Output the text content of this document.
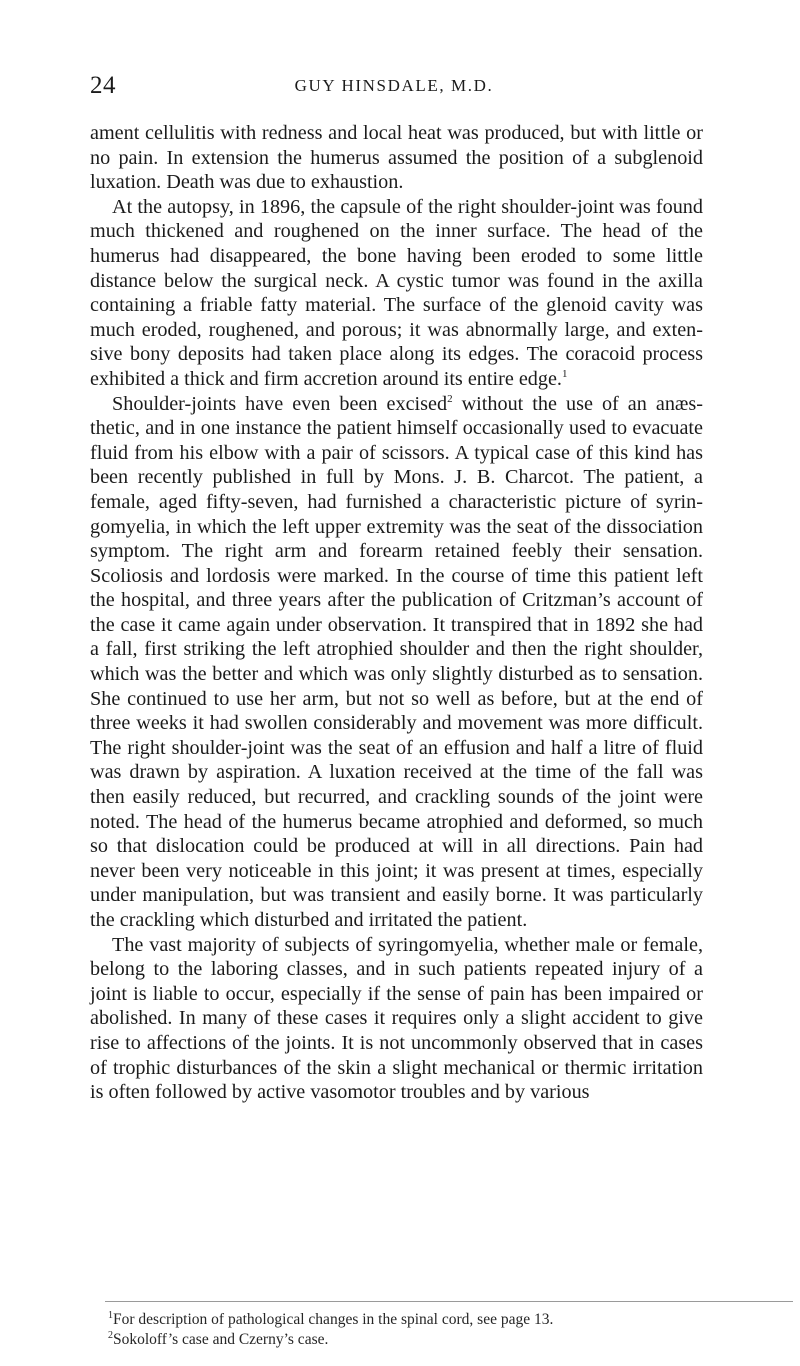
24	GUY HINSDALE, M.D.

ament cellulitis with redness and local heat was produced, but with little or no pain. In extension the humerus assumed the position of a subglenoid luxation. Death was due to exhaustion.

At the autopsy, in 1896, the capsule of the right shoulder-joint was found much thickened and roughened on the inner surface. The head of the humerus had disappeared, the bone having been eroded to some little distance below the surgical neck. A cystic tumor was found in the axilla containing a friable fatty material. The surface of the glenoid cavity was much eroded, roughened, and porous; it was abnormally large, and extensive bony deposits had taken place along its edges. The coracoid process exhibited a thick and firm accretion around its entire edge.$^1$

Shoulder-joints have even been excised$^2$ without the use of an anæsthetic, and in one instance the patient himself occasionally used to evacuate fluid from his elbow with a pair of scissors. A typical case of this kind has been recently published in full by Mons. J. B. Charcot. The patient, a female, aged fifty-seven, had furnished a characteristic picture of syringomyelia, in which the left upper extremity was the seat of the dissociation symptom. The right arm and forearm retained feebly their sensation. Scoliosis and lordosis were marked. In the course of time this patient left the hospital, and three years after the publication of Critzman’s account of the case it came again under observation. It transpired that in 1892 she had a fall, first striking the left atrophied shoulder and then the right shoulder, which was the better and which was only slightly disturbed as to sensation. She continued to use her arm, but not so well as before, but at the end of three weeks it had swollen considerably and movement was more difficult. The right shoulder-joint was the seat of an effusion and half a litre of fluid was drawn by aspiration. A luxation received at the time of the fall was then easily reduced, but recurred, and crackling sounds of the joint were noted. The head of the humerus became atrophied and deformed, so much so that dislocation could be produced at will in all directions. Pain had never been very noticeable in this joint; it was present at times, especially under manipulation, but was transient and easily borne. It was particularly the crackling which disturbed and irritated the patient.

The vast majority of subjects of syringomyelia, whether male or female, belong to the laboring classes, and in such patients repeated injury of a joint is liable to occur, especially if the sense of pain has been impaired or abolished. In many of these cases it requires only a slight accident to give rise to affections of the joints. It is not uncommonly observed that in cases of trophic disturbances of the skin a slight mechanical or thermic irritation is often followed by active vasomotor troubles and by various

$^1$For description of pathological changes in the spinal cord, see page 13.
$^2$Sokoloff’s case and Czerny’s case.
